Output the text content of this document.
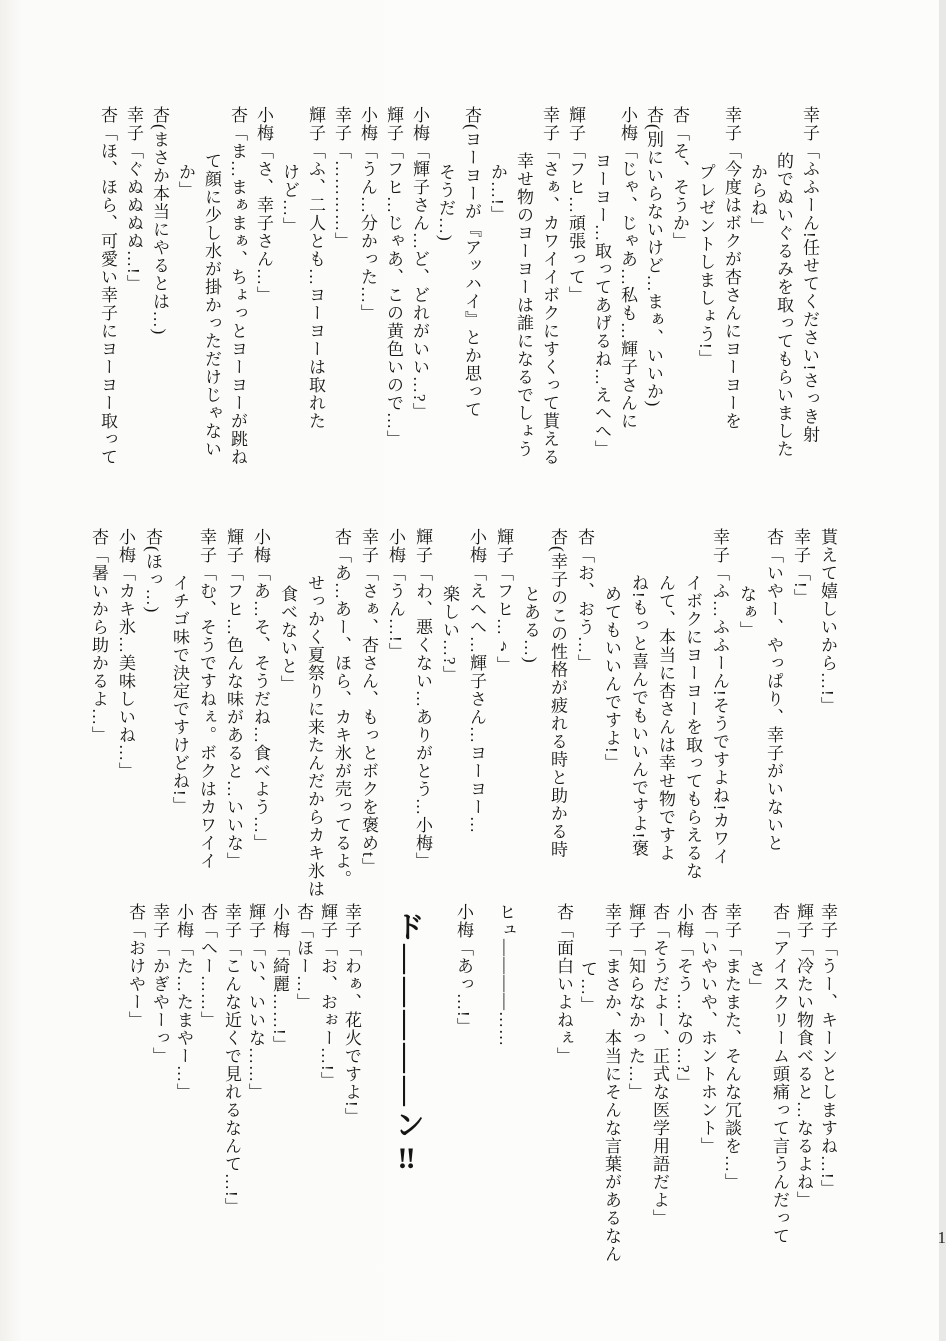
幸子「ふふーん!任せてください!さっき射
的でぬいぐるみを取ってもらいました
からね」
幸子「今度はボクが杏さんにヨーヨーを
プレゼントしましょう!」
杏「そ、そうか」
杏(別にいらないけど…まぁ、いいか)
小梅「じゃ、じゃあ…私も…輝子さんに
ヨーヨー…取ってあげるね…えへへ」
輝子「フヒ…頑張って」
幸子「さぁ、カワイイボクにすくって貰える
幸せ物のヨーヨーは誰になるでしょう
か…!」
杏(ヨーヨーが『アッハイ』とか思って
そうだ…)
小梅「輝子さん…ど、どれがいい…?」
輝子「フヒ…じゃあ、この黄色いので…」
小梅「うん…分かった…」
幸子「…………」
輝子「ふ、二人とも…ヨーヨーは取れた
けど…」
小梅「さ、幸子さん…」
杏「ま…まぁまぁ、ちょっとヨーヨーが跳ね
て顔に少し水が掛かっただけじゃない
か」
杏(まさか本当にやるとは…)
幸子「ぐぬぬぬぬ…!」
杏「ほ、ほら、可愛い幸子にヨーヨー取って
貰えて嬉しいから…!」
幸子「!」
杏「いやー、やっぱり、幸子がいないと
なぁ」
幸子「ふ…ふふーん!そうですよね!カワイ
イボクにヨーヨーを取ってもらえるな
んて、本当に杏さんは幸せ物ですよ
ね!もっと喜んでもいいんですよ!褒
めてもいいんですよ!」
杏「お、おう…」
杏(幸子のこの性格が疲れる時と助かる時
とある…)
輝子「フヒ…♪」
小梅「えへへ…輝子さん…ヨーヨー…
楽しい…?」
輝子「わ、悪くない…ありがとう…小梅」
小梅「うん…!」
幸子「さぁ、杏さん、もっとボクを褒めt」
杏「あ…あー、ほら、カキ氷が売ってるよ。
せっかく夏祭りに来たんだからカキ氷は
食べないと」
小梅「あ…そ、そうだね…食べよう…」
輝子「フヒ…色んな味があると…いいな」
幸子「む、そうですねぇ。ボクはカワイイ
イチゴ味で決定ですけどね!」
杏(ほっ…)
小梅「カキ氷…美味しいね…」
杏「暑いから助かるよ…」
幸子「うー、キーンとしますね…!」
輝子「冷たい物食べると…なるよね」
杏「アイスクリーム頭痛って言うんだって
さ」
幸子「またまた、そんな冗談を…」
杏「いやいや、ホントホント」
小梅「そう…なの…?」
杏「そうだよー、正式な医学用語だよ」
輝子「知らなかった…」
幸子「まさか、本当にそんな言葉があるなん
て…」
杏「面白いよねぇ」
ヒュ――――……
小梅「あっ…!」
ド―――――ン‼
幸子「わぁ、花火ですよ!」
輝子「お、おぉー…!」
杏「ほー…」
小梅「綺麗……!」
輝子「い、いいな……」
幸子「こんな近くで見れるなんて…!」
杏「へー……」
小梅「た…たまやー…」
幸子「かぎやーっ」
杏「おけやー」
1
